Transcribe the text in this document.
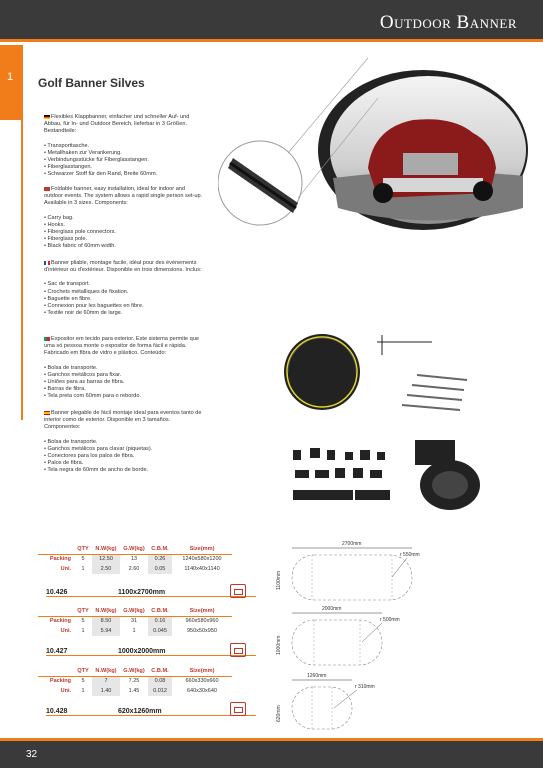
Outdoor Banner
1 Golf Banner Silves

Flexibles Klappbanner, einfacher und schneller Auf- und Abbau, für In- und Outdoor Bereich, lieferbar in 3 Größen. Bestandteile:

• Transporttasche.
• Metallhaken zur Verankerung.
• Verbindungsstücke für Fiberglasstangen.
• Fiberglasstangen.
• Schwarzer Stoff für den Rand, Breite 60mm.

Foldable banner, easy installation, ideal for indoor and outdoor events. The system allows a rapid single person set-up. Available in 3 sizes. Components:

• Carry bag.
• Hooks.
• Fiberglass pole connectors.
• Fiberglass pole.
• Black fabric of 60mm width.

Banner pliable, montage facile, idéal pour des événements d'intérieur ou d'extérieur. Disponible en trois dimensions. Inclus:

• Sac de transport.
• Crochets métalliques de fixation.
• Baguette en fibre.
• Connexion pour les baguettes en fibre.
• Textile noir de 60mm de large.

Expositor em tecido para exterior. Este sistema permite que uma só pessoa monte o expositor de forma fácil e rápida. Fabricado em fibra de vidro e plástico. Conteúdo:

• Bolsa de transporte.
• Ganchos metálicos para fixar.
• Uniões para as barras de fibra.
• Barras de fibra.
• Tela preta com 60mm para o rebordo.

Banner plegable de fácil montaje ideal para eventos tanto de interior como de exterior. Disponible en 3 tamaños. Componentes:

• Bolsa de transporte.
• Ganchos metálicos para clavar (piquetas).
• Conectores para los palos de fibra.
• Palos de fibra.
• Tela negra de 60mm de ancho de borde.
	QTY	N.W(kg)	G.W(kg)	C.B.M.	Size(mm)
Packing	5	12.50	13	0.26	1240x580x1200
Uni.	1	2.50	2.60	0.05	1140x40x1140
10.426	1100x2700mm
	QTY	N.W(kg)	G.W(kg)	C.B.M.	Size(mm)
Packing	5	8.50	31	0.16	960x580x960
Uni.	1	5.94	1	0.045	950x50x950
10.427	1000x2000mm
	QTY	N.W(kg)	G.W(kg)	C.B.M.	Size(mm)
Packing	5	7	7.25	0.08	660x330x660
Uni.	1	1.40	1.45	0.012	640x30x640
10.428	620x1260mm
2700mm
r 550mm
1100mm
2000mm
r 500mm
1000mm
1260mm
r 310mm
620mm
32
